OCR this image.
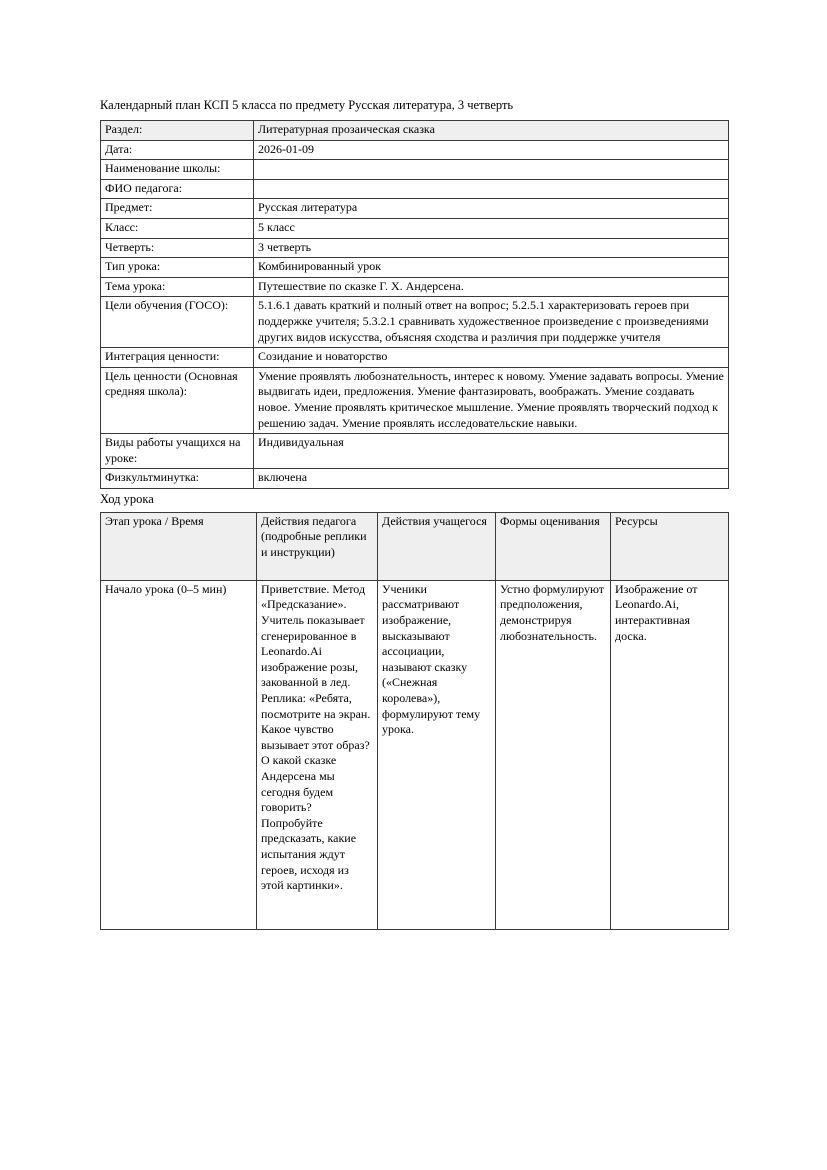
Календарный план КСП 5 класса по предмету Русская литература, 3 четверть

Раздел:	Литературная прозаическая сказка
Дата:	2026-01-09
Наименование школы:	
ФИО педагога:	
Предмет:	Русская литература
Класс:	5 класс
Четверть:	3 четверть
Тип урока:	Комбинированный урок
Тема урока:	Путешествие по сказке Г. Х. Андерсена.
Цели обучения (ГОСО):	5.1.6.1 давать краткий и полный ответ на вопрос; 5.2.5.1 характеризовать героев при поддержке учителя; 5.3.2.1 сравнивать художественное произведение с произведениями других видов искусства, объясняя сходства и различия при поддержке учителя
Интеграция ценности:	Созидание и новаторство
Цель ценности (Основная средняя школа):	Умение проявлять любознательность, интерес к новому. Умение задавать вопросы. Умение выдвигать идеи, предложения. Умение фантазировать, воображать. Умение создавать новое. Умение проявлять критическое мышление. Умение проявлять творческий подход к решению задач. Умение проявлять исследовательские навыки.
Виды работы учащихся на уроке:	Индивидуальная
Физкультминутка:	включена

Ход урока

Этап урока / Время	Действия педагога (подробные реплики и инструкции)	Действия учащегося	Формы оценивания	Ресурсы
Начало урока (0–5 мин)	Приветствие. Метод «Предсказание». Учитель показывает сгенерированное в Leonardo.Ai изображение розы, закованной в лед. Реплика: «Ребята, посмотрите на экран. Какое чувство вызывает этот образ? О какой сказке Андерсена мы сегодня будем говорить? Попробуйте предсказать, какие испытания ждут героев, исходя из этой картинки».	Ученики рассматривают изображение, высказывают ассоциации, называют сказку («Снежная королева»), формулируют тему урока.	Устно формулируют предположения, демонстрируя любознательность.	Изображение от Leonardo.Ai, интерактивная доска.
